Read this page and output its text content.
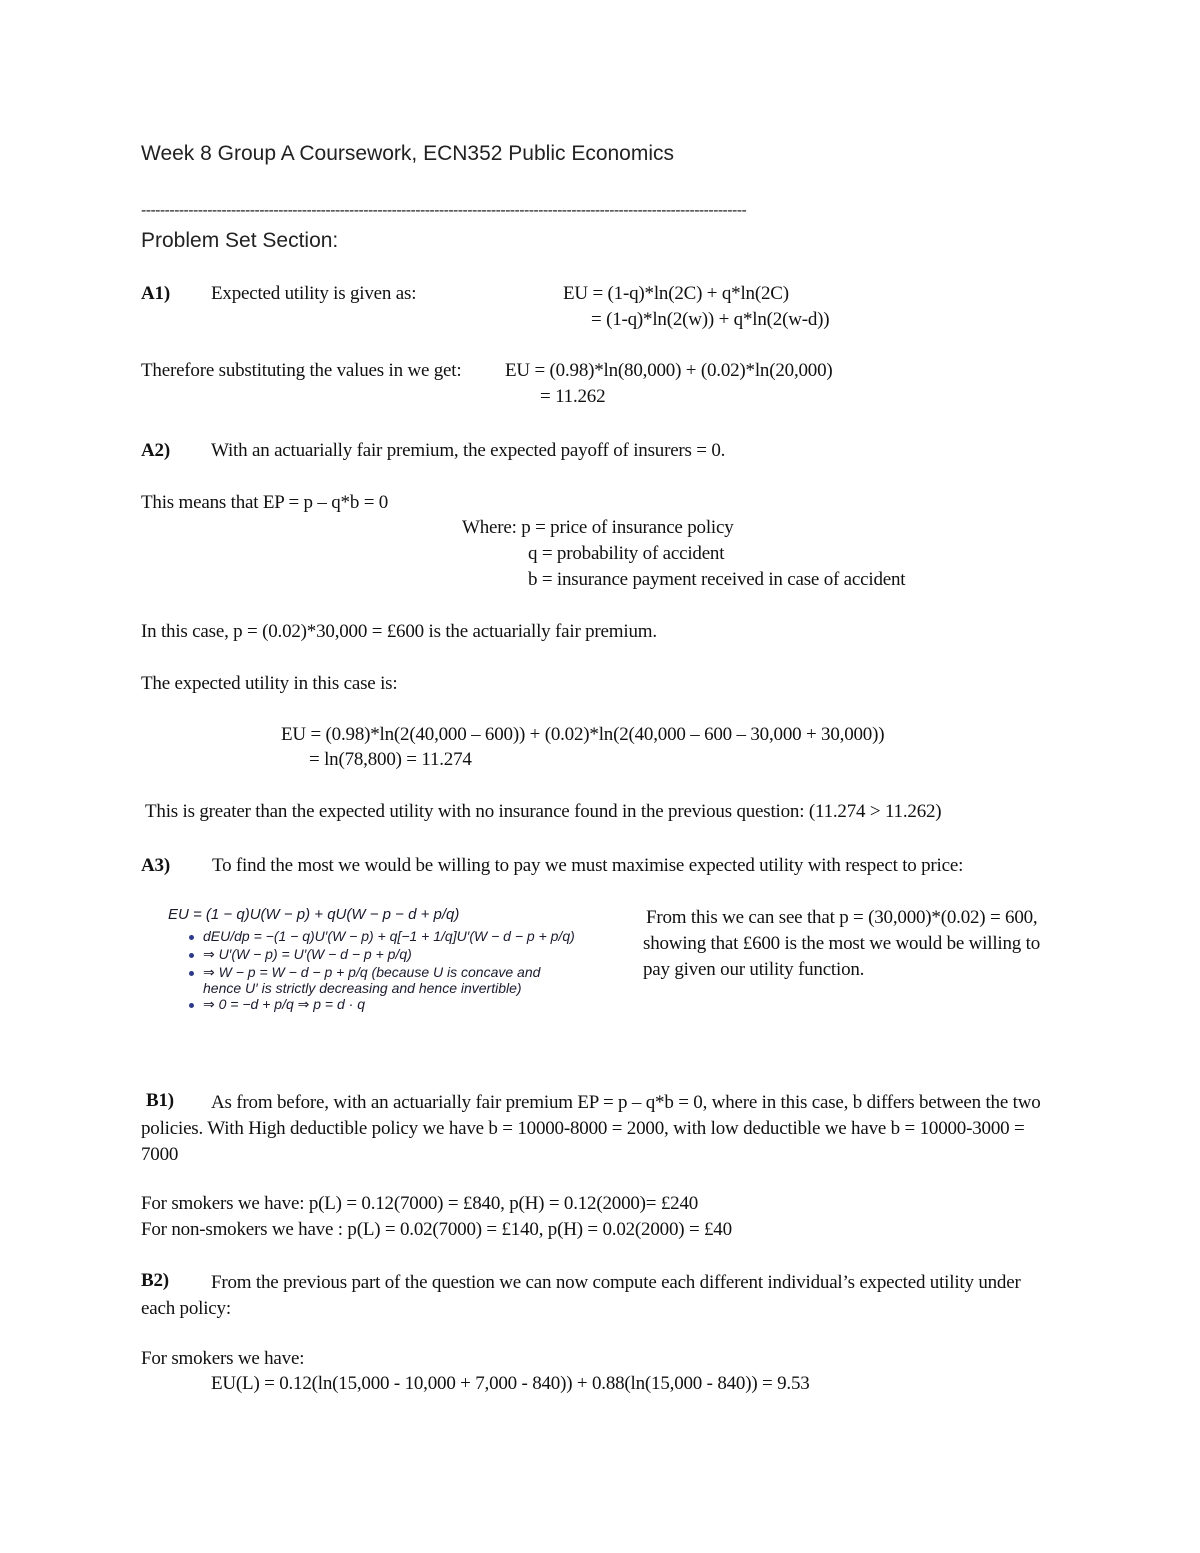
Week 8 Group A Coursework, ECN352 Public Economics
--------------------------------------------------------------------------------------------------------------------------------
Problem Set Section:
A1) Expected utility is given as:	EU = (1-q)*ln(2C) + q*ln(2C)
= (1-q)*ln(2(w)) + q*ln(2(w-d))
Therefore substituting the values in we get: EU = (0.98)*ln(80,000) + (0.02)*ln(20,000)
= 11.262
A2) With an actuarially fair premium, the expected payoff of insurers = 0.
This means that EP = p – q*b = 0
Where: p = price of insurance policy
q = probability of accident
b = insurance payment received in case of accident
In this case, p = (0.02)*30,000 = £600 is the actuarially fair premium.
The expected utility in this case is:
EU = (0.98)*ln(2(40,000 – 600)) + (0.02)*ln(2(40,000 – 600 – 30,000 + 30,000))
= ln(78,800) = 11.274
This is greater than the expected utility with no insurance found in the previous question: (11.274 > 11.262)
A3) To find the most we would be willing to pay we must maximise expected utility with respect to price:
EU = (1 − q)U(W − p) + qU(W − p − d + p/q)
dEU/dp = −(1 − q)U′(W − p) + q[−1 + 1/q]U′(W − d − p + p/q)
⇒ U′(W − p) = U′(W − d − p + p/q)
⇒ W − p = W − d − p + p/q (because U is concave and
hence U′ is strictly decreasing and hence invertible)
⇒ 0 = −d + p/q ⇒ p = d · q
From this we can see that p = (30,000)*(0.02) = 600, showing that £600 is the most we would be willing to pay given our utility function.
B1)	As from before, with an actuarially fair premium EP = p – q*b = 0, where in this case, b differs between the two policies. With High deductible policy we have b = 10000-8000 = 2000, with low deductible we have b = 10000-3000 = 7000
For smokers we have: p(L) = 0.12(7000) = £840, p(H) = 0.12(2000)= £240
For non-smokers we have : p(L) = 0.02(7000) = £140, p(H) = 0.02(2000) = £40
B2)	From the previous part of the question we can now compute each different individual’s expected utility under each policy:
For smokers we have:
EU(L) = 0.12(ln(15,000 - 10,000 + 7,000 - 840)) + 0.88(ln(15,000 - 840)) = 9.53
